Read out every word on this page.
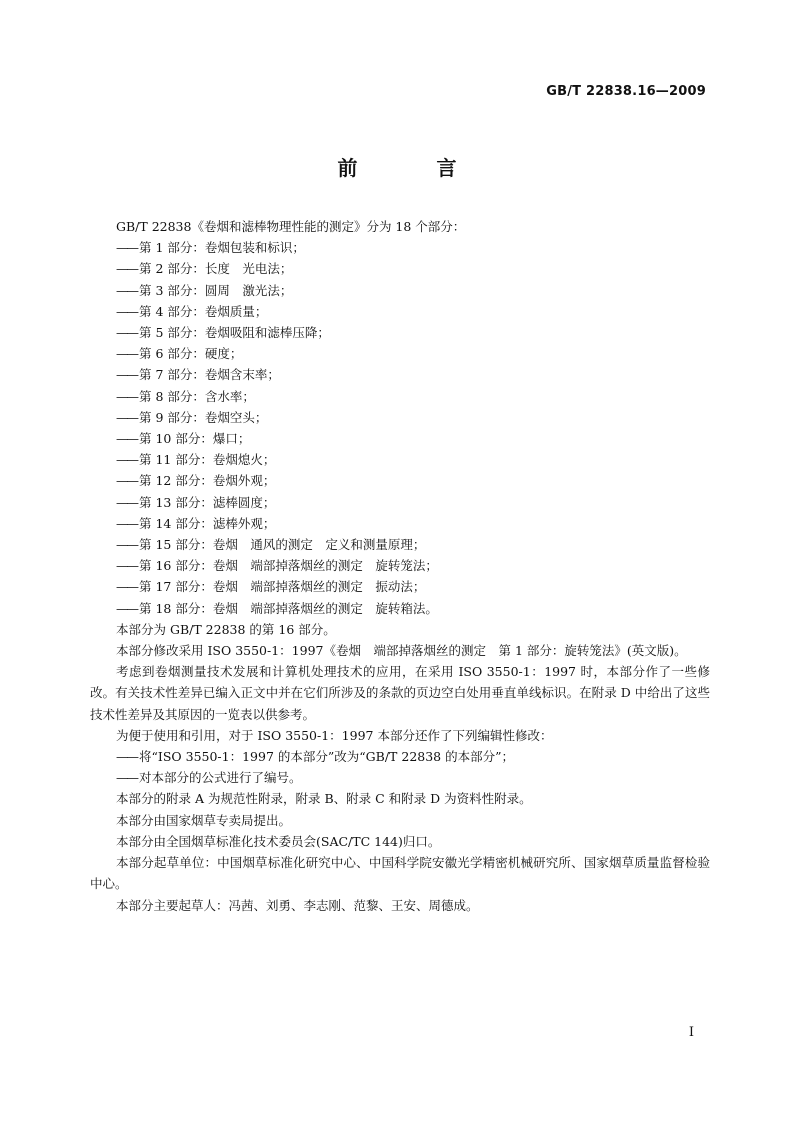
GB/T 22838.16—2009
前 言

GB/T 22838《卷烟和滤棒物理性能的测定》分为 18 个部分：

—— 第 1 部分：卷烟包装和标识；

—— 第 2 部分：长度　光电法；

—— 第 3 部分：圆周　激光法；

—— 第 4 部分：卷烟质量；

—— 第 5 部分：卷烟吸阻和滤棒压降；

—— 第 6 部分：硬度；

—— 第 7 部分：卷烟含末率；

—— 第 8 部分：含水率；

—— 第 9 部分：卷烟空头；

—— 第 10 部分：爆口；

—— 第 11 部分：卷烟熄火；

—— 第 12 部分：卷烟外观；

—— 第 13 部分：滤棒圆度；

—— 第 14 部分：滤棒外观；

—— 第 15 部分：卷烟　通风的测定　定义和测量原理；

—— 第 16 部分：卷烟　端部掉落烟丝的测定　旋转笼法；

—— 第 17 部分：卷烟　端部掉落烟丝的测定　振动法；

—— 第 18 部分：卷烟　端部掉落烟丝的测定　旋转箱法。

本部分为 GB/T 22838 的第 16 部分。

本部分修改采用 ISO 3550-1：1997《卷烟　端部掉落烟丝的测定　第 1 部分：旋转笼法》(英文版)。

考虑到卷烟测量技术发展和计算机处理技术的应用，在采用 ISO 3550-1：1997 时，本部分作了一些修改。有关技术性差异已编入正文中并在它们所涉及的条款的页边空白处用垂直单线标识。在附录 D 中给出了这些技术性差异及其原因的一览表以供参考。

为便于使用和引用，对于 ISO 3550-1：1997 本部分还作了下列编辑性修改：

—— 将“ISO 3550-1：1997 的本部分”改为“GB/T 22838 的本部分”；

—— 对本部分的公式进行了编号。

本部分的附录 A 为规范性附录，附录 B、附录 C 和附录 D 为资料性附录。

本部分由国家烟草专卖局提出。

本部分由全国烟草标准化技术委员会(SAC/TC 144)归口。

本部分起草单位：中国烟草标准化研究中心、中国科学院安徽光学精密机械研究所、国家烟草质量监督检验中心。

本部分主要起草人：冯茜、刘勇、李志刚、范黎、王安、周德成。

I
